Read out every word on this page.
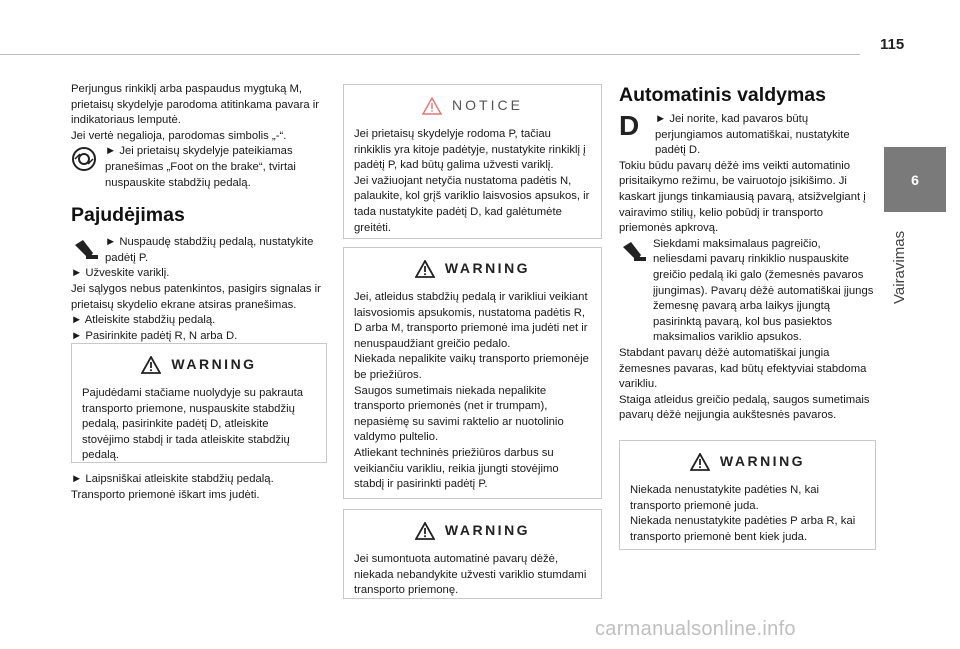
115
6
Vairavimas

Perjungus rinkiklį arba paspaudus mygtuką M, prietaisų skydelyje parodoma atitinkama pavara ir indikatoriaus lemputė.

Jei vertė negalioja, parodomas simbolis „-“.

► Jei prietaisų skydelyje pateikiamas pranešimas „Foot on the brake“, tvirtai nuspauskite stabdžių pedalą.

Pajudėjimas

► Nuspaudę stabdžių pedalą, nustatykite padėtį P.

► Užveskite variklį.

Jei sąlygos nebus patenkintos, pasigirs signalas ir prietaisų skydelio ekrane atsiras pranešimas.

► Atleiskite stabdžių pedalą.

► Pasirinkite padėtį R, N arba D.

WARNING

Pajudėdami stačiame nuolydyje su pakrauta transporto priemone, nuspauskite stabdžių pedalą, pasirinkite padėtį D, atleiskite stovėjimo stabdį ir tada atleiskite stabdžių pedalą.

► Laipsniškai atleiskite stabdžių pedalą.

Transporto priemonė iškart ims judėti.

NOTICE

Jei prietaisų skydelyje rodoma P, tačiau rinkiklis yra kitoje padėtyje, nustatykite rinkiklį į padėtį P, kad būtų galima užvesti variklį.

Jei važiuojant netyčia nustatoma padėtis N, palaukite, kol grįš variklio laisvosios apsukos, ir tada nustatykite padėtį D, kad galėtumėte greitėti.

WARNING

Jei, atleidus stabdžių pedalą ir varikliui veikiant laisvosiomis apsukomis, nustatoma padėtis R, D arba M, transporto priemonė ima judėti net ir nenuspaudžiant greičio pedalo.

Niekada nepalikite vaikų transporto priemonėje be priežiūros.

Saugos sumetimais niekada nepalikite transporto priemonės (net ir trumpam), nepasiėmę su savimi raktelio ar nuotolinio valdymo pultelio.

Atliekant techninės priežiūros darbus su veikiančiu varikliu, reikia įjungti stovėjimo stabdį ir pasirinkti padėtį P.

WARNING

Jei sumontuota automatinė pavarų dėžė, niekada nebandykite užvesti variklio stumdami transporto priemonę.

Automatinis valdymas

D ► Jei norite, kad pavaros būtų perjungiamos automatiškai, nustatykite padėtį D.

Tokiu būdu pavarų dėžė ims veikti automatinio prisitaikymo režimu, be vairuotojo įsikišimo. Ji kaskart įjungs tinkamiausią pavarą, atsižvelgiant į vairavimo stilių, kelio pobūdį ir transporto priemonės apkrovą.

Siekdami maksimalaus pagreičio, neliesdami pavarų rinkiklio nuspauskite greičio pedalą iki galo (žemesnės pavaros įjungimas). Pavarų dėžė automatiškai įjungs žemesnę pavarą arba laikys įjungtą pasirinktą pavarą, kol bus pasiektos maksimalios variklio apsukos.

Stabdant pavarų dėžė automatiškai jungia žemesnes pavaras, kad būtų efektyviai stabdoma varikliu.

Staiga atleidus greičio pedalą, saugos sumetimais pavarų dėžė neįjungia aukštesnės pavaros.

WARNING

Niekada nenustatykite padėties N, kai transporto priemonė juda.

Niekada nenustatykite padėties P arba R, kai transporto priemonė bent kiek juda.

carmanualsonline.info
